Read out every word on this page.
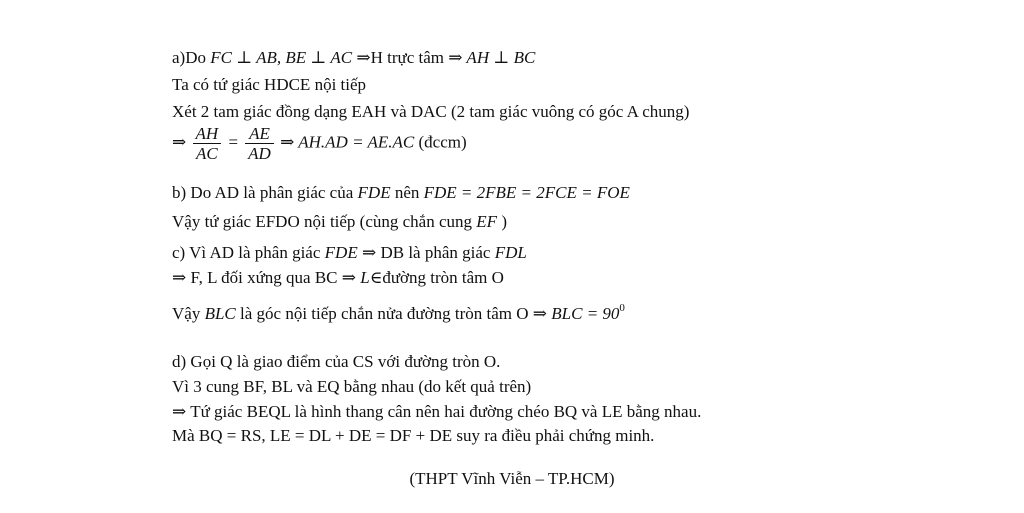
a)Do FC ⊥ AB, BE ⊥ AC ⇒H trực tâm ⇒ AH ⊥ BC
Ta có tứ giác HDCE nội tiếp
Xét 2 tam giác đồng dạng EAH và DAC (2 tam giác vuông có góc A chung)
⇒ $\frac{AH}{AC} = \frac{AE}{AD}$ ⇒ AH.AD = AE.AC (đccm)
b) Do AD là phân giác của FDE nên FDE = 2FBE = 2FCE = FOE
Vậy tứ giác EFDO nội tiếp (cùng chắn cung EF )
c) Vì AD là phân giác FDE ⇒ DB là phân giác FDL
⇒ F, L đối xứng qua BC ⇒ L∈đường tròn tâm O
Vậy BLC là góc nội tiếp chắn nửa đường tròn tâm O ⇒ BLC = $90^0$
d) Gọi Q là giao điểm của CS với đường tròn O.
Vì 3 cung BF, BL và EQ bằng nhau (do kết quả trên)
⇒ Tứ giác BEQL là hình thang cân nên hai đường chéo BQ và LE bằng nhau.
Mà BQ = RS, LE = DL + DE = DF + DE suy ra điều phải chứng minh.
(THPT Vĩnh Viễn – TP.HCM)
